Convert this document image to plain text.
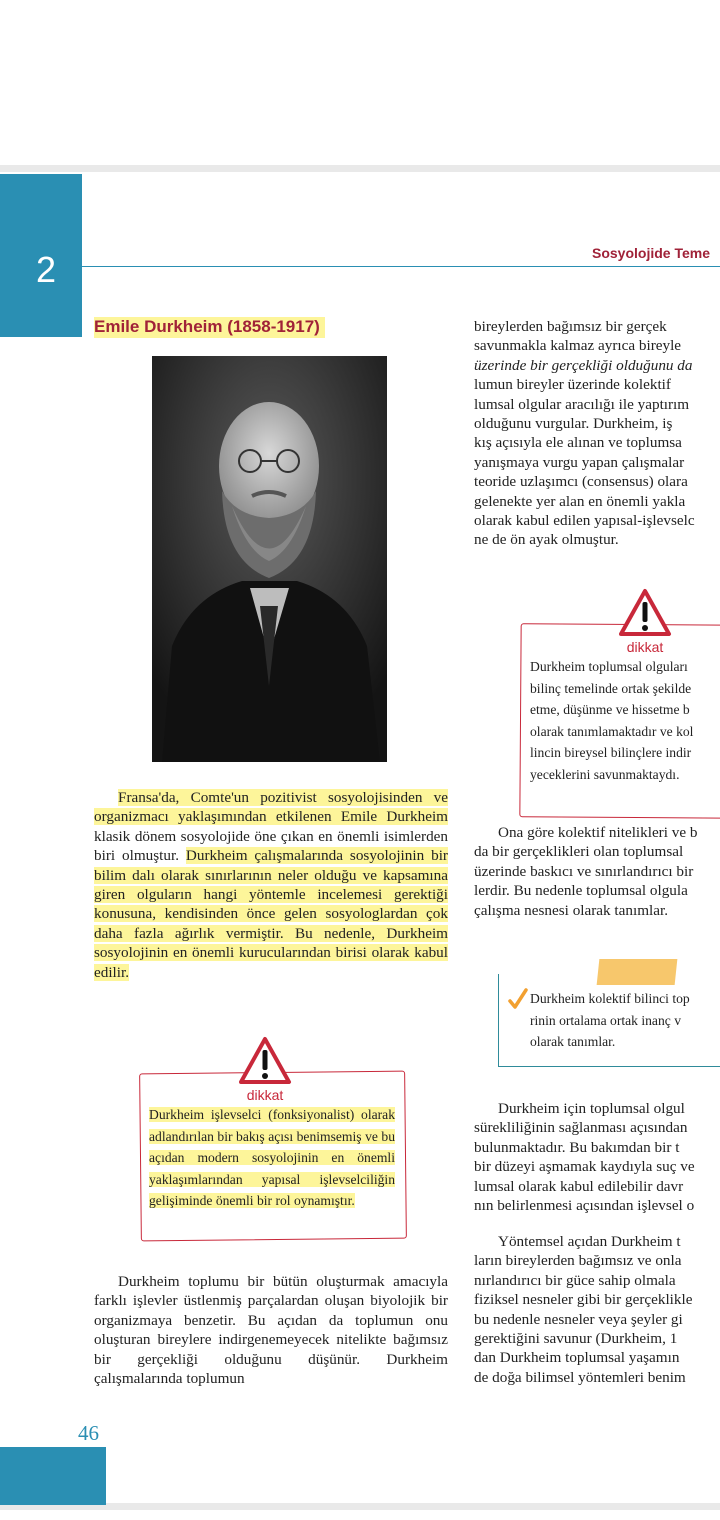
2	Sosyolojide Teme
Emile Durkheim (1858-1917)

Fransa'da, Comte'un pozitivist sosyolojisinden ve organizmacı yaklaşımından etkilenen Emile Durkheim klasik dönem sosyolojide öne çıkan en önemli isimlerden biri olmuştur. Durkheim çalışmalarında sosyolojinin bir bilim dalı olarak sınırlarının neler olduğu ve kapsamına giren olguların hangi yöntemle incelemesi gerektiği konusuna, kendisinden önce gelen sosyologlardan çok daha fazla ağırlık vermiştir. Bu nedenle, Durkheim sosyolojinin en önemli kurucularından birisi olarak kabul edilir.

dikkat
Durkheim işlevselci (fonksiyonalist) olarak adlandırılan bir bakış açısı benimsemiş ve bu açıdan modern sosyolojinin en önemli yaklaşımlarından yapısal işlevselciliğin gelişiminde önemli bir rol oynamıştır.

Durkheim toplumu bir bütün oluşturmak amacıyla farklı işlevler üstlenmiş parçalardan oluşan biyolojik bir organizmaya benzetir. Bu açıdan da toplumun onu oluşturan bireylere indirgenemeyecek nitelikte bağımsız bir gerçekliği olduğunu düşünür. Durkheim çalışmalarında toplumun

bireylerden bağımsız bir gerçek
savunmakla kalmaz ayrıca bireyle
üzerinde bir gerçekliği olduğunu da
lumun bireyler üzerinde kolektif
lumsal olgular aracılığı ile yaptırım
olduğunu vurgular. Durkheim, iş
kış açısıyla ele alınan ve toplumsa
yanışmaya vurgu yapan çalışmalar
teoride uzlaşımcı (consensus) olara
gelenekte yer alan en önemli yakla
olarak kabul edilen yapısal-işlevselc
ne de ön ayak olmuştur.
dikkat
Durkheim toplumsal olguları
bilinç temelinde ortak şekilde
etme, düşünme ve hissetme b
olarak tanımlamaktadır ve kol
lincin bireysel bilinçlere indir
yeceklerini savunmaktaydı.
Ona göre kolektif nitelikleri ve b
da bir gerçeklikleri olan toplumsal
üzerinde baskıcı ve sınırlandırıcı bir
lerdir. Bu nedenle toplumsal olgula
çalışma nesnesi olarak tanımlar.
Durkheim kolektif bilinci top
rinin ortalama ortak inanç v
olarak tanımlar.
Durkheim için toplumsal olgul
sürekliliğinin sağlanması açısından
bulunmaktadır. Bu bakımdan bir t
bir düzeyi aşmamak kaydıyla suç ve
lumsal olarak kabul edilebilir davr
nın belirlenmesi açısından işlevsel o
Yöntemsel açıdan Durkheim t
ların bireylerden bağımsız ve onla
nırlandırıcı bir güce sahip olmala
fiziksel nesneler gibi bir gerçeklikle
bu nedenle nesneler veya şeyler gi
gerektiğini savunur (Durkheim, 1
dan Durkheim toplumsal yaşamın
de doğa bilimsel yöntemleri benim
46
